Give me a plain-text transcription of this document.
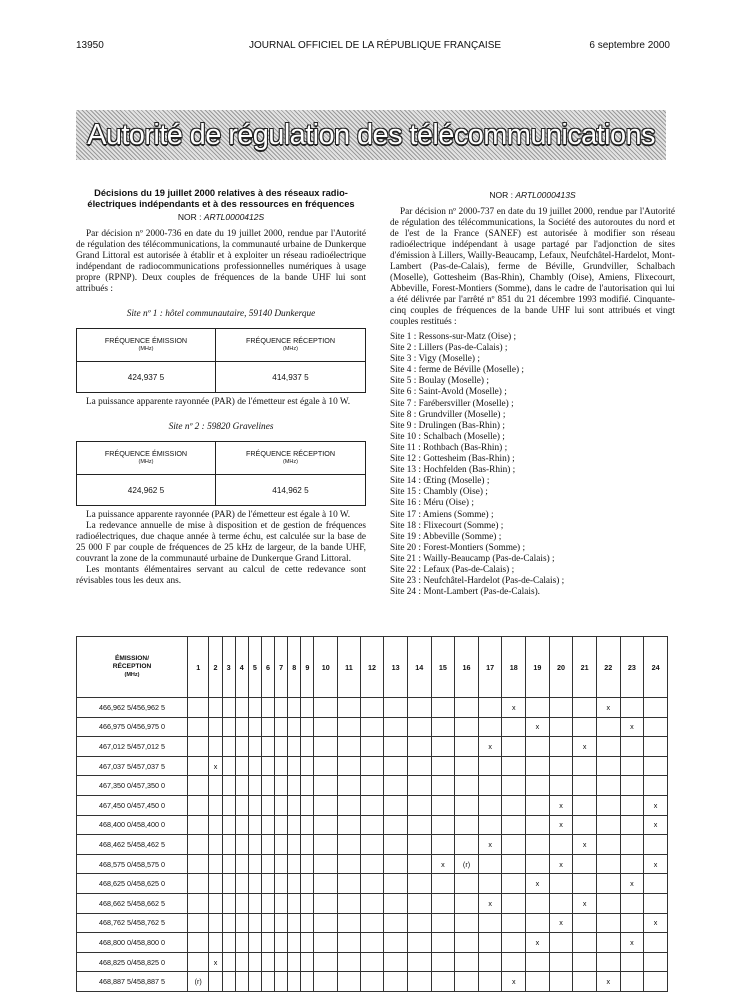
13950	JOURNAL OFFICIEL DE LA RÉPUBLIQUE FRANÇAISE	6 septembre 2000
Autorité de régulation des télécommunications
Décisions du 19 juillet 2000 relatives à des réseaux radio-électriques indépendants et à des ressources en fréquences
NOR : ARTL0000412S

Par décision nº 2000-736 en date du 19 juillet 2000, rendue par l'Autorité de régulation des télécommunications, la communauté urbaine de Dunkerque Grand Littoral est autorisée à établir et à exploiter un réseau radioélectrique indépendant de radiocommunications professionnelles numériques à usage propre (RPNP). Deux couples de fréquences de la bande UHF lui sont attribués :

Site nº 1 : hôtel communautaire, 59140 Dunkerque
FRÉQUENCE ÉMISSION
(MHz)	FRÉQUENCE RÉCEPTION
(MHz)

424,937 5	414,937 5

La puissance apparente rayonnée (PAR) de l'émetteur est égale à 10 W.

Site nº 2 : 59820 Gravelines
FRÉQUENCE ÉMISSION
(MHz)	FRÉQUENCE RÉCEPTION
(MHz)

424,962 5	414,962 5

La puissance apparente rayonnée (PAR) de l'émetteur est égale à 10 W.

La redevance annuelle de mise à disposition et de gestion de fréquences radioélectriques, due chaque année à terme échu, est calculée sur la base de 25 000 F par couple de fréquences de 25 kHz de largeur, de la bande UHF, couvrant la zone de la communauté urbaine de Dunkerque Grand Littoral.

Les montants élémentaires servant au calcul de cette redevance sont révisables tous les deux ans.

NOR : ARTL0000413S

Par décision nº 2000-737 en date du 19 juillet 2000, rendue par l'Autorité de régulation des télécommunications, la Société des autoroutes du nord et de l'est de la France (SANEF) est autorisée à modifier son réseau radioélectrique indépendant à usage partagé par l'adjonction de sites d'émission à Lillers, Wailly-Beaucamp, Lefaux, Neufchâtel-Hardelot, Mont-Lambert (Pas-de-Calais), ferme de Béville, Grundviller, Schalbach (Moselle), Gottesheim (Bas-Rhin), Chambly (Oise), Amiens, Flixecourt, Abbeville, Forest-Montiers (Somme), dans le cadre de l'autorisation qui lui a été délivrée par l'arrêté nº 851 du 21 décembre 1993 modifié. Cinquante-cinq couples de fréquences de la bande UHF lui sont attribués et vingt couples restitués :

Site 1 : Ressons-sur-Matz (Oise) ;
Site 2 : Lillers (Pas-de-Calais) ;
Site 3 : Vigy (Moselle) ;
Site 4 : ferme de Béville (Moselle) ;
Site 5 : Boulay (Moselle) ;
Site 6 : Saint-Avold (Moselle) ;
Site 7 : Farébersviller (Moselle) ;
Site 8 : Grundviller (Moselle) ;
Site 9 : Drulingen (Bas-Rhin) ;
Site 10 : Schalbach (Moselle) ;
Site 11 : Rothbach (Bas-Rhin) ;
Site 12 : Gottesheim (Bas-Rhin) ;
Site 13 : Hochfelden (Bas-Rhin) ;
Site 14 : Œting (Moselle) ;
Site 15 : Chambly (Oise) ;
Site 16 : Méru (Oise) ;
Site 17 : Amiens (Somme) ;
Site 18 : Flixecourt (Somme) ;
Site 19 : Abbeville (Somme) ;
Site 20 : Forest-Montiers (Somme) ;
Site 21 : Wailly-Beaucamp (Pas-de-Calais) ;
Site 22 : Lefaux (Pas-de-Calais) ;
Site 23 : Neufchâtel-Hardelot (Pas-de-Calais) ;
Site 24 : Mont-Lambert (Pas-de-Calais).
ÉMISSION/
RÉCEPTION
(MHz)	1	2	3	4	5	6	7	8	9	10	11	12	13	14	15	16	17	18	19	20	21	22	23	24
466,962 5/456,962 5																		x				x		
466,975 0/456,975 0																			x				x	
467,012 5/457,012 5																	x				x			
467,037 5/457,037 5		x																						
467,350 0/457,350 0																								
467,450 0/457,450 0																				x				x
468,400 0/458,400 0																				x				x
468,462 5/458,462 5																	x				x			
468,575 0/458,575 0															x	(r)				x				x
468,625 0/458,625 0																			x				x	
468,662 5/458,662 5																	x				x			
468,762 5/458,762 5																				x				x
468,800 0/458,800 0																			x				x	
468,825 0/458,825 0		x																						
468,887 5/458,887 5	(r)																	x				x		
